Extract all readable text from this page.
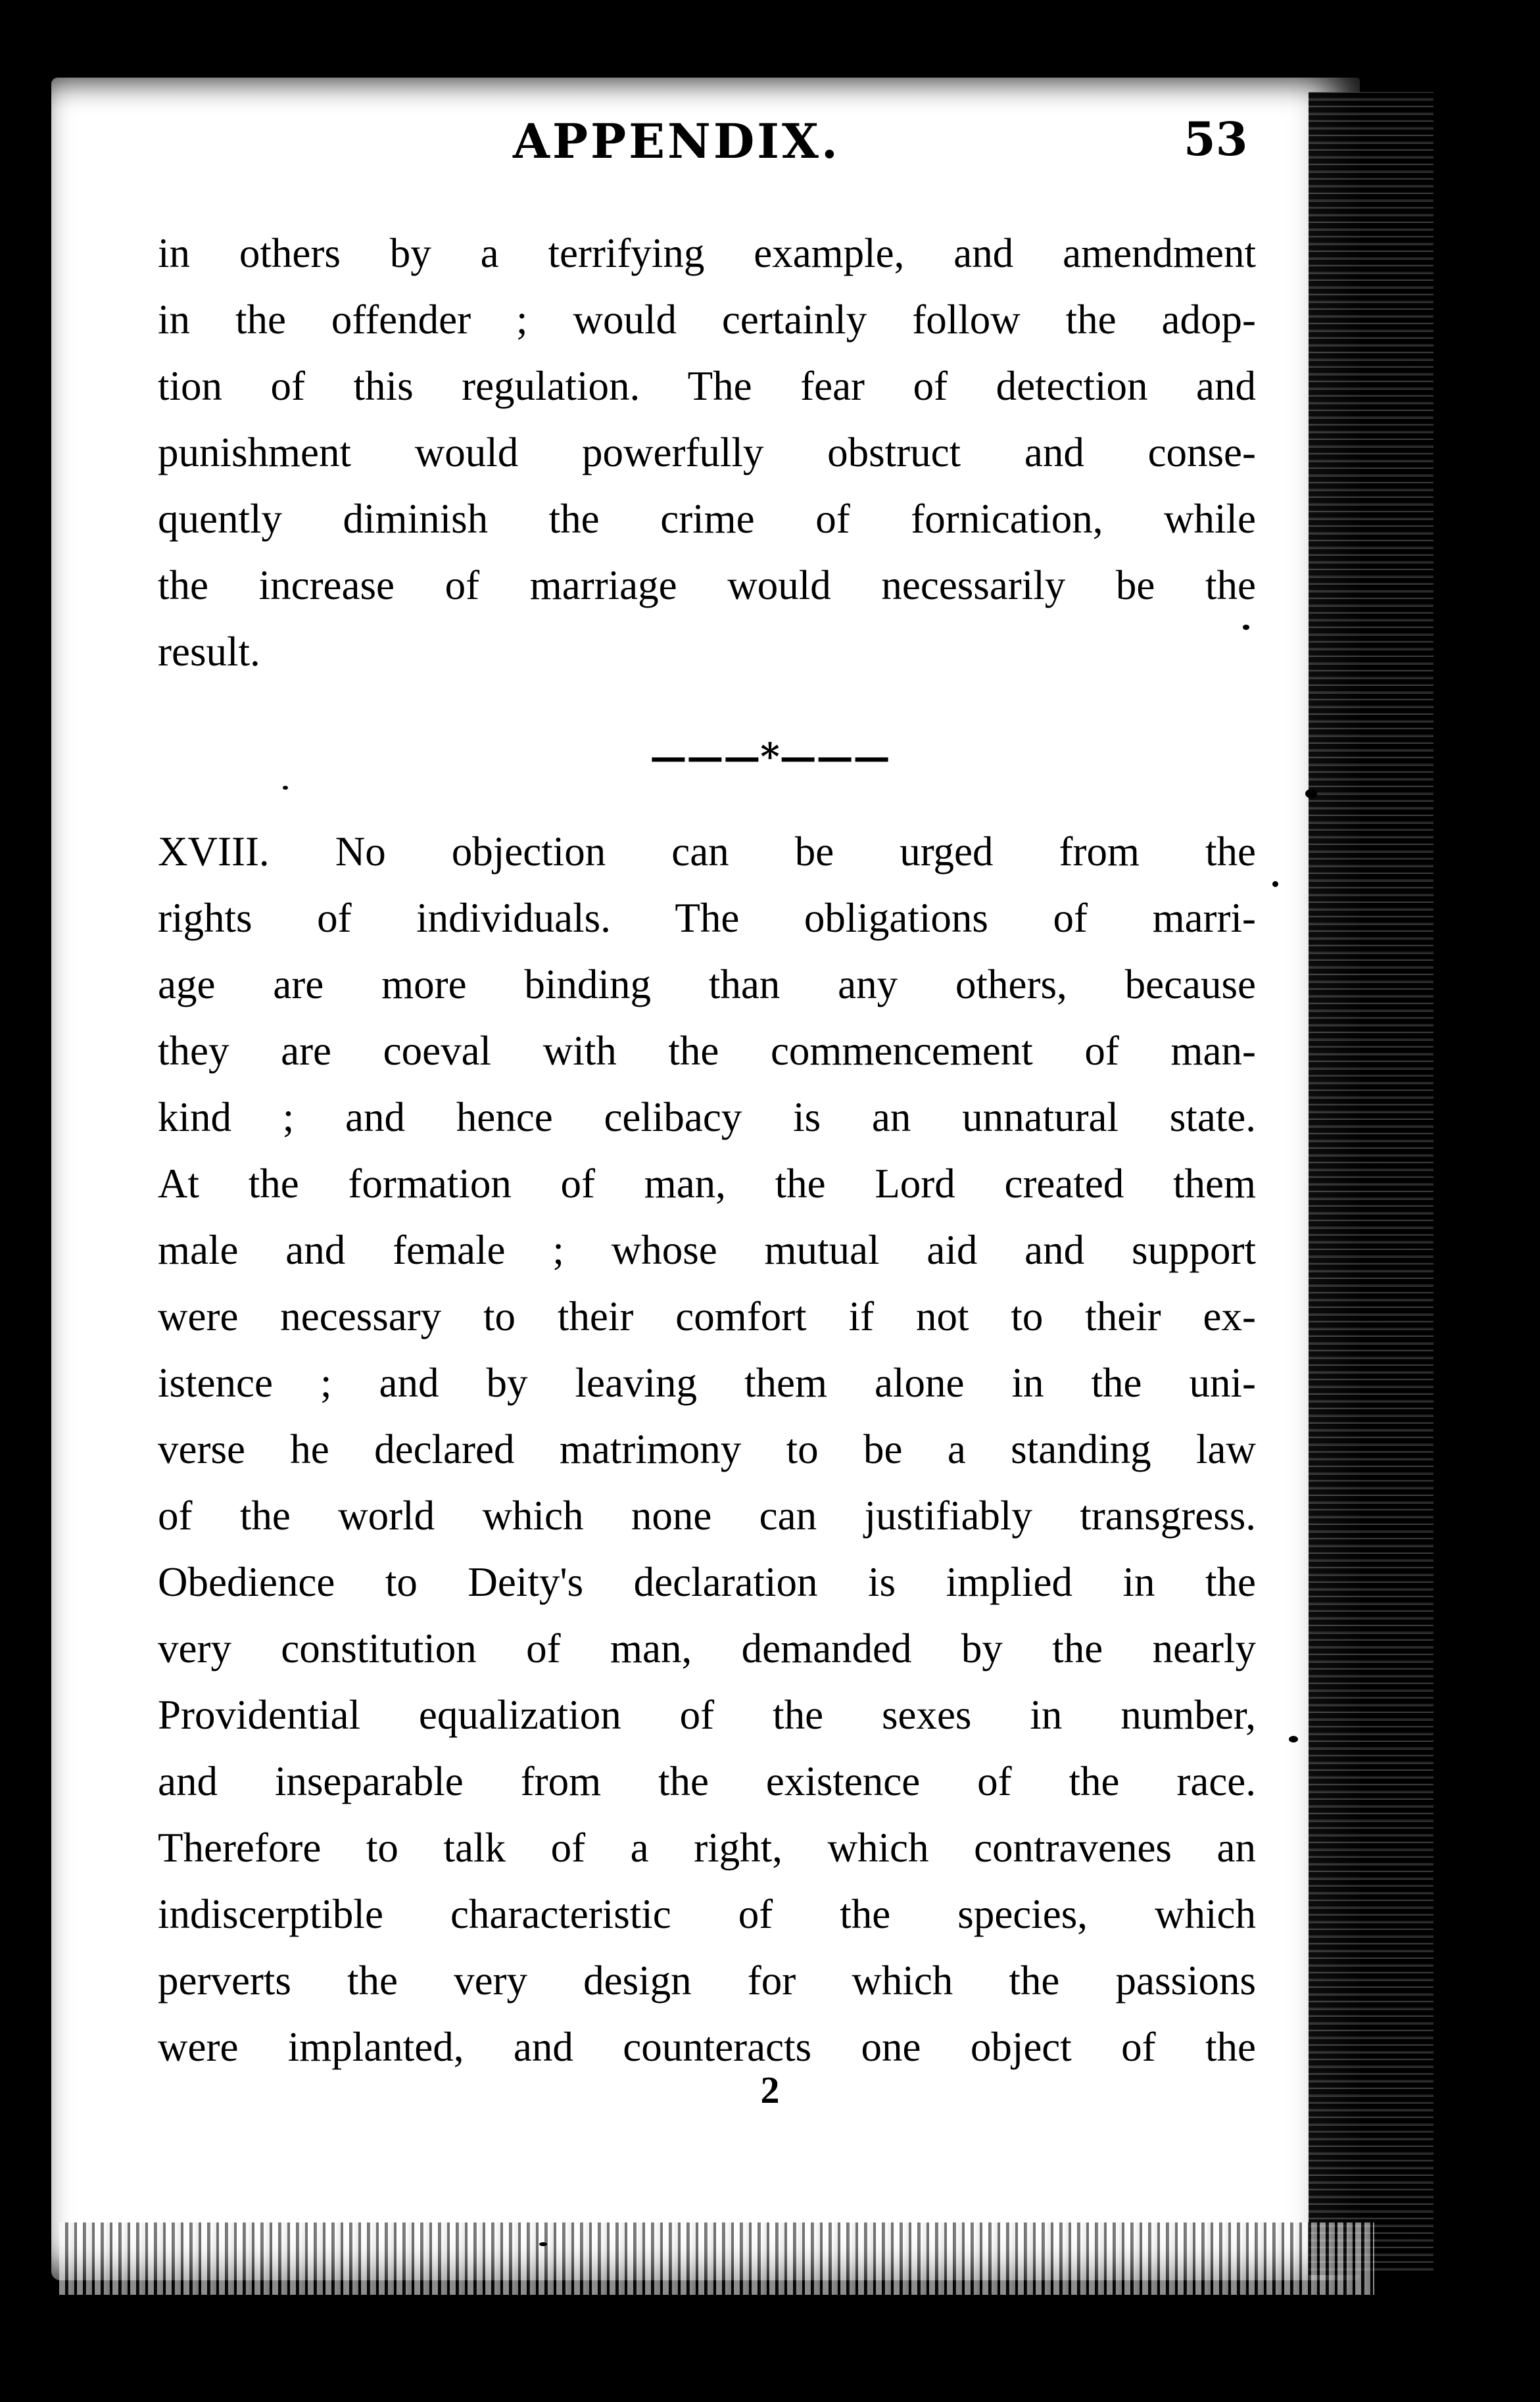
APPENDIX.	53
in others by a terrifying example, and amendment
in the offender ; would certainly follow the adop-
tion of this regulation. The fear of detection and
punishment would powerfully obstruct and conse-
quently diminish the crime of fornication, while
the increase of marriage would necessarily be the
result.
———*———
XVIII. No objection can be urged from the
rights of individuals. The obligations of marri-
age are more binding than any others, because
they are coeval with the commencement of man-
kind ; and hence celibacy is an unnatural state.
At the formation of man, the Lord created them
male and female ; whose mutual aid and support
were necessary to their comfort if not to their ex-
istence ; and by leaving them alone in the uni-
verse he declared matrimony to be a standing law
of the world which none can justifiably transgress.
Obedience to Deity's declaration is implied in the
very constitution of man, demanded by the nearly
Providential equalization of the sexes in number,
and inseparable from the existence of the race.
Therefore to talk of a right, which contravenes an
indiscerptible characteristic of the species, which
perverts the very design for which the passions
were implanted, and counteracts one object of the
2
